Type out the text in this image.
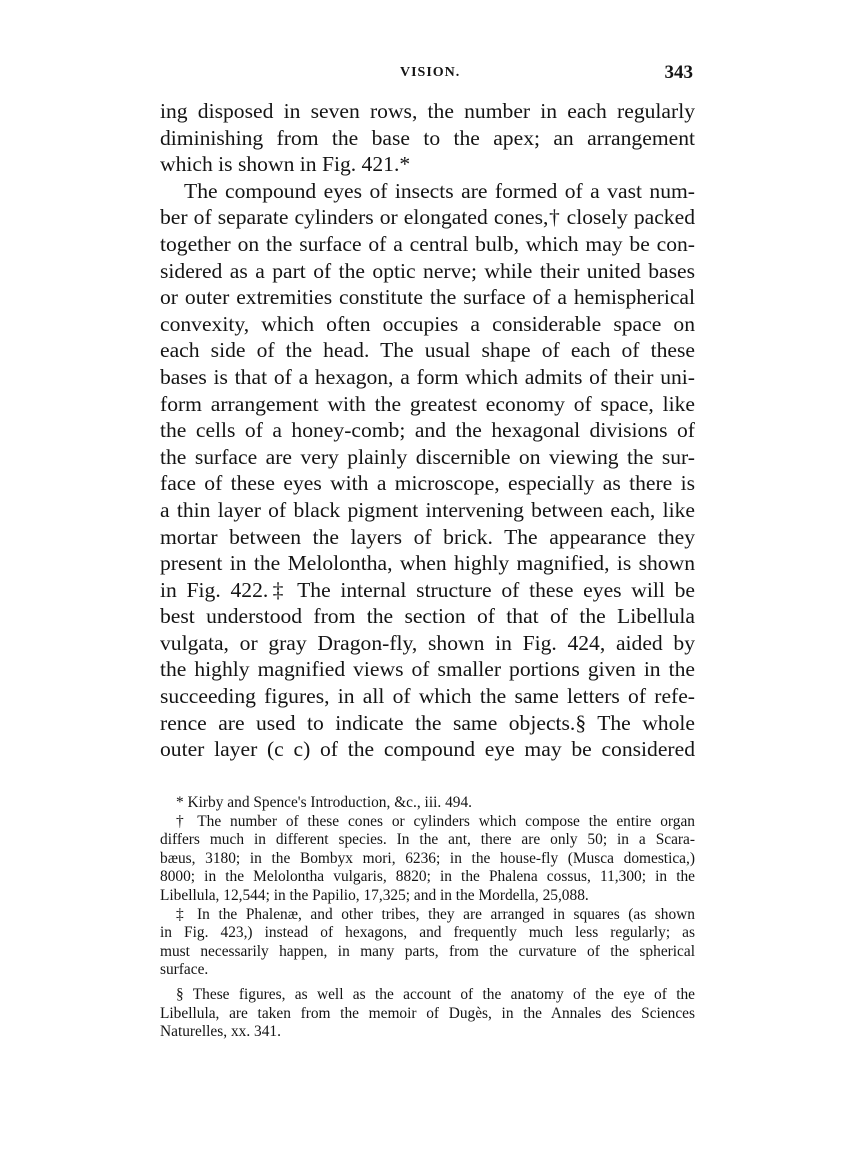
VISION.	343
ing disposed in seven rows, the number in each regularly
diminishing from the base to the apex; an arrangement
which is shown in Fig. 421.*
The compound eyes of insects are formed of a vast num-
ber of separate cylinders or elongated cones,† closely packed
together on the surface of a central bulb, which may be con-
sidered as a part of the optic nerve; while their united bases
or outer extremities constitute the surface of a hemispherical
convexity, which often occupies a considerable space on
each side of the head. The usual shape of each of these
bases is that of a hexagon, a form which admits of their uni-
form arrangement with the greatest economy of space, like
the cells of a honey-comb; and the hexagonal divisions of
the surface are very plainly discernible on viewing the sur-
face of these eyes with a microscope, especially as there is
a thin layer of black pigment intervening between each, like
mortar between the layers of brick. The appearance they
present in the Melolontha, when highly magnified, is shown
in Fig. 422.‡ The internal structure of these eyes will be
best understood from the section of that of the Libellula
vulgata, or gray Dragon-fly, shown in Fig. 424, aided by
the highly magnified views of smaller portions given in the
succeeding figures, in all of which the same letters of refe-
rence are used to indicate the same objects.§ The whole
outer layer (c c) of the compound eye may be considered
* Kirby and Spence's Introduction, &c., iii. 494.
† The number of these cones or cylinders which compose the entire organ
differs much in different species. In the ant, there are only 50; in a Scara-
bæus, 3180; in the Bombyx mori, 6236; in the house-fly (Musca domestica,)
8000; in the Melolontha vulgaris, 8820; in the Phalena cossus, 11,300; in the
Libellula, 12,544; in the Papilio, 17,325; and in the Mordella, 25,088.
‡ In the Phalenæ, and other tribes, they are arranged in squares (as shown
in Fig. 423,) instead of hexagons, and frequently much less regularly; as
must necessarily happen, in many parts, from the curvature of the spherical
surface.
§ These figures, as well as the account of the anatomy of the eye of the
Libellula, are taken from the memoir of Dugès, in the Annales des Sciences
Naturelles, xx. 341.
